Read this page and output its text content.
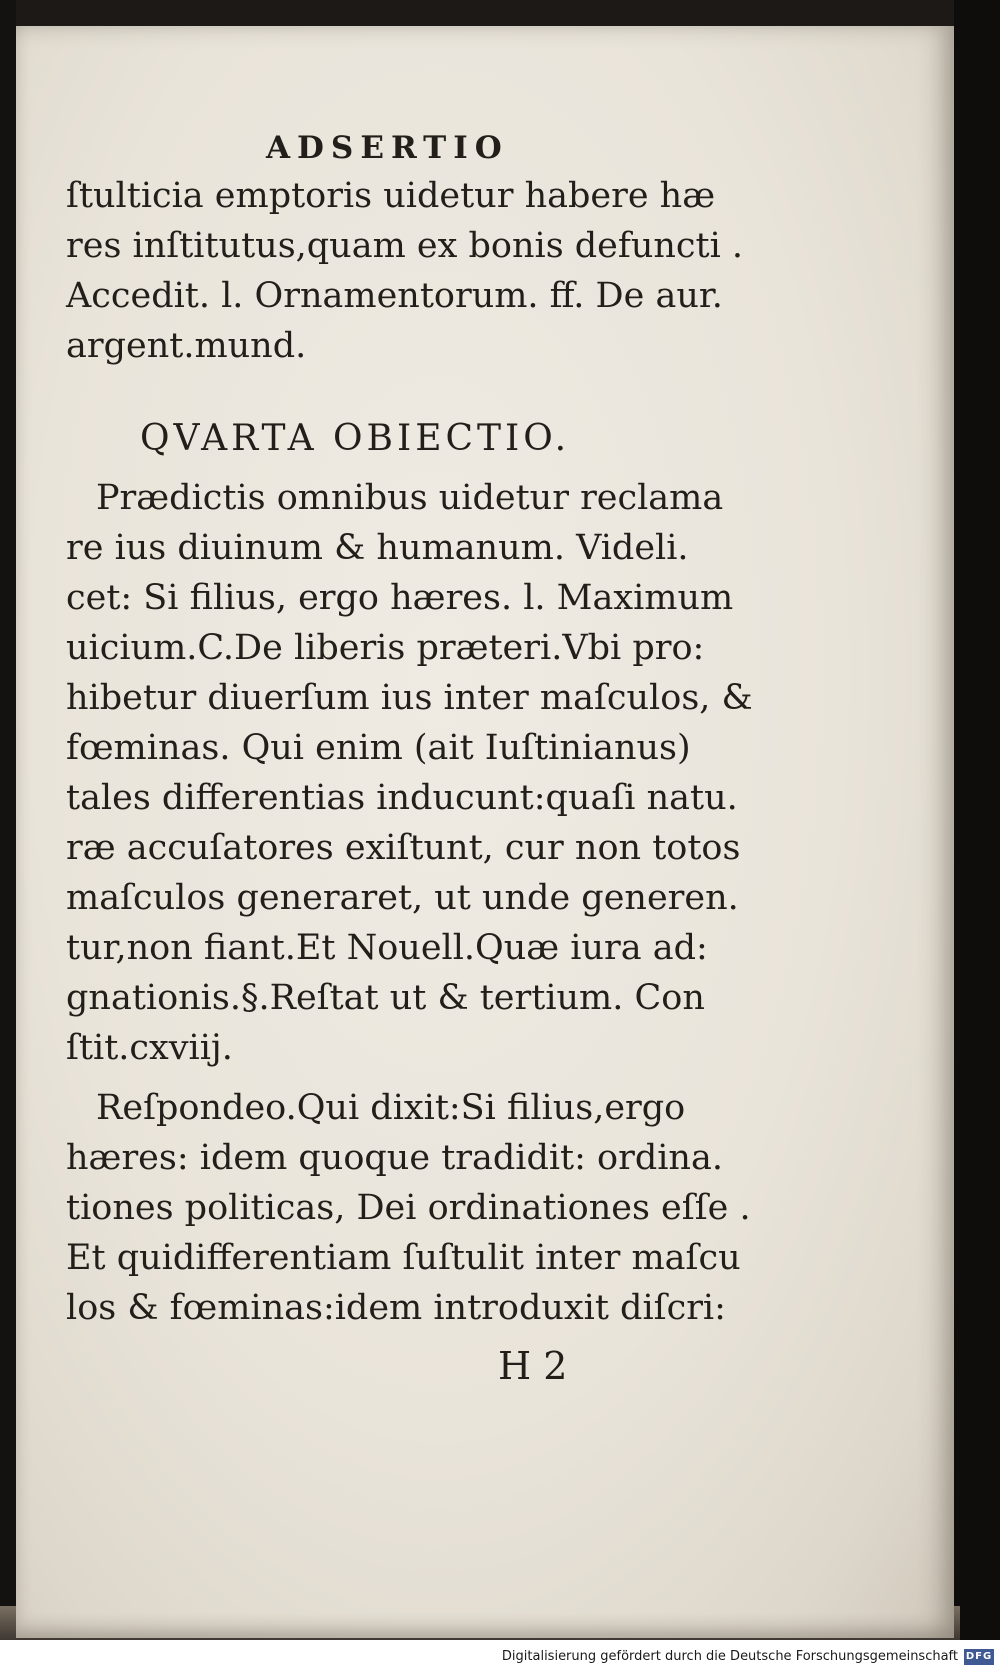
ADSERTIO
ſtulticia emptoris uidetur habere hæ
res inſtitutus,quam ex bonis defuncti .
Accedit. l. Ornamentorum. ff. De aur.
argent.mund.
QVARTA OBIECTIO.
Prædictis omnibus uidetur reclama
re ius diuinum & humanum. Videli.
cet: Si filius, ergo hæres. l. Maximum
uicium.C.De liberis præteri.Vbi pro:
hibetur diuerſum ius inter maſculos, &
fœminas. Qui enim (ait Iuſtinianus)
tales differentias inducunt:quaſi natu.
ræ accuſatores exiſtunt, cur non totos
maſculos generaret, ut unde generen.
tur,non fiant.Et Nouell.Quæ iura ad:
gnationis.§.Reſtat ut & tertium. Con
ſtit.cxviij.
Reſpondeo.Qui dixit:Si filius,ergo
hæres: idem quoque tradidit: ordina.
tiones politicas, Dei ordinationes eſſe .
Et quidifferentiam ſuſtulit inter maſcu
los & fœminas:idem introduxit diſcri:
H 2
Digitalisierung gefördert durch die Deutsche Forschungsgemeinschaft DFG
